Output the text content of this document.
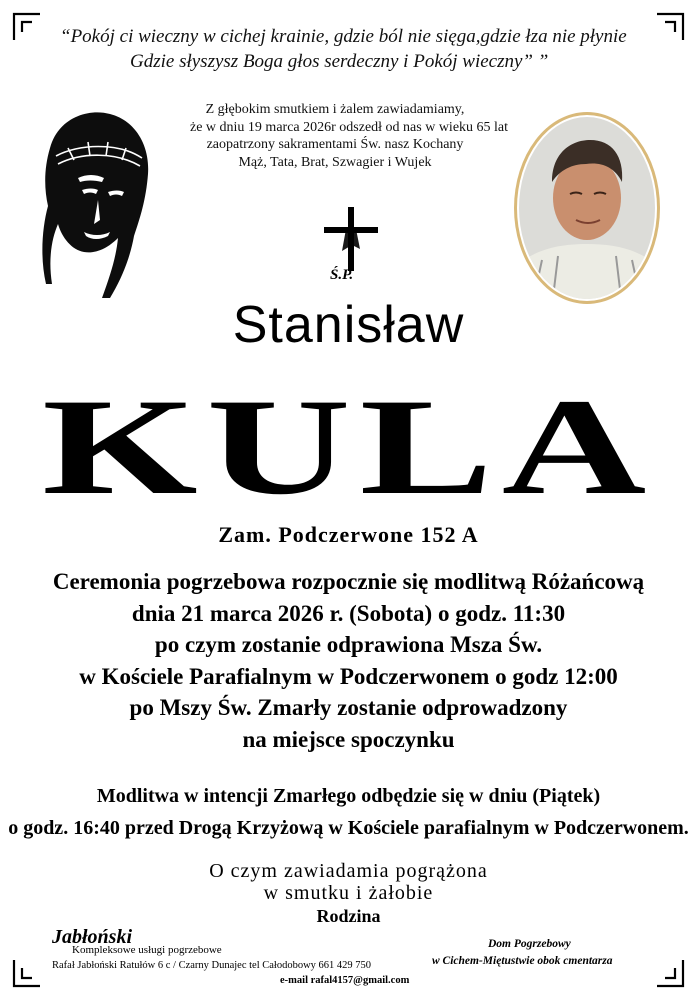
“Pokój ci wieczny w cichej krainie, gdzie ból nie sięga,gdzie łza nie płynie
Gdzie słyszysz Boga głos serdeczny i Pokój wieczny” ”
Z głębokim smutkiem i żalem zawiadamiamy,
że w dniu 19 marca 2026r odszedł od nas w wieku 65 lat
zaopatrzony sakramentami Św. nasz Kochany
Mąż, Tata, Brat, Szwagier i Wujek
Ś.P.
Stanisław
KULA
Zam. Podczerwone 152 A
Ceremonia pogrzebowa rozpocznie się modlitwą Różańcową
dnia 21 marca 2026 r. (Sobota) o godz. 11:30
po czym zostanie odprawiona Msza Św.
w Kościele Parafialnym w Podczerwonem o godz 12:00
po Mszy Św. Zmarły zostanie odprowadzony
na miejsce spoczynku
Modlitwa w intencji Zmarłego odbędzie się w dniu (Piątek)
o godz. 16:40 przed Drogą Krzyżową w Kościele parafialnym w Podczerwonem.
O czym zawiadamia pogrążona
w smutku i żałobie
Rodzina
Jabłoński
Kompleksowe usługi pogrzebowe
Rafał Jabłoński Ratułów 6 c / Czarny Dunajec tel Całodobowy 661 429 750
e-mail rafal4157@gmail.com
Dom Pogrzebowy
w Cichem-Miętustwie obok cmentarza
